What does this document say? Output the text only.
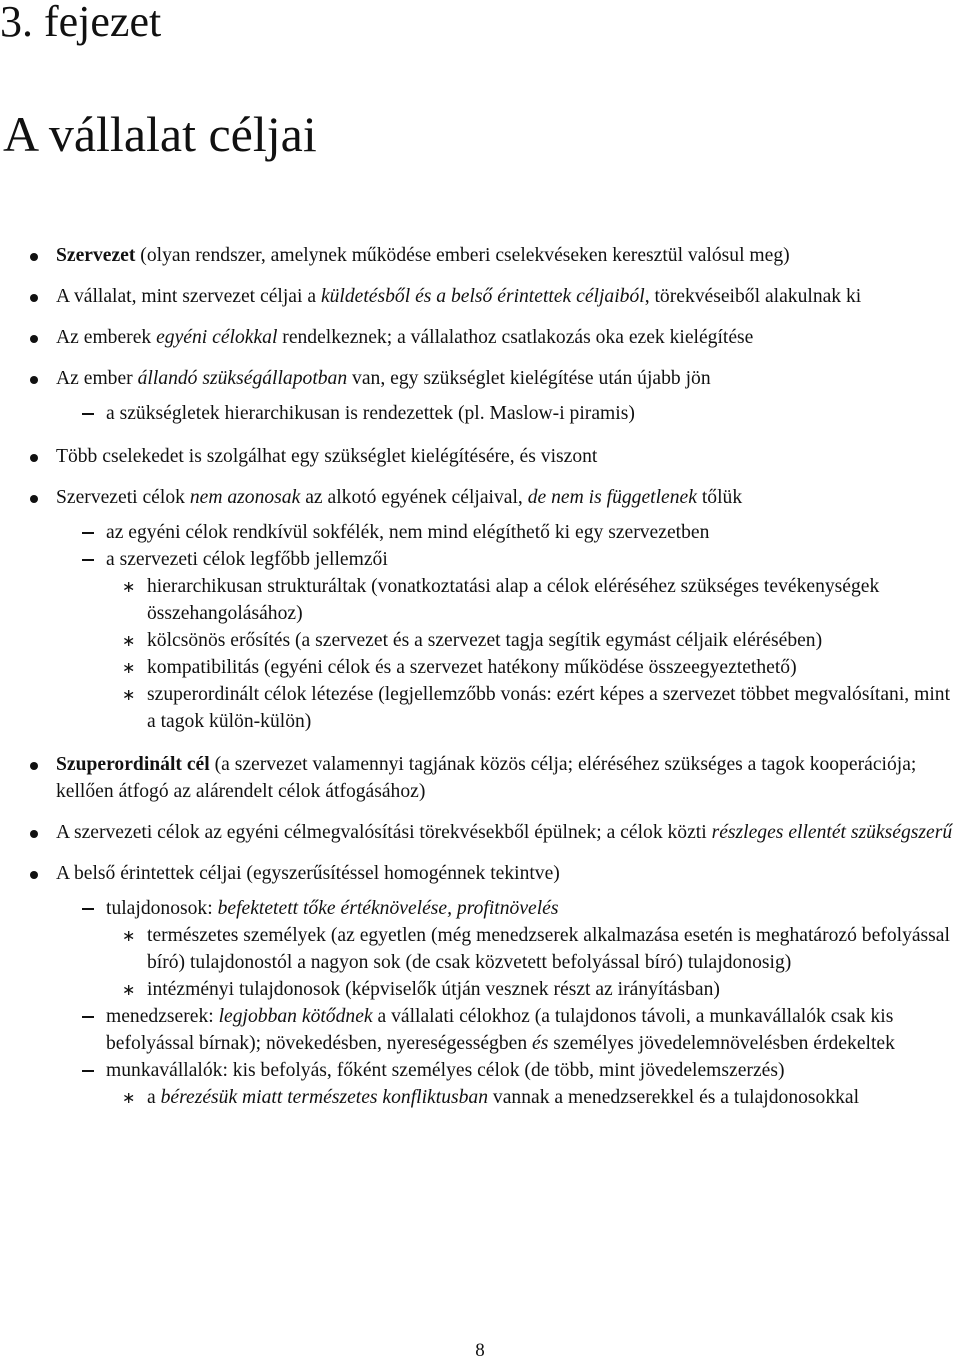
3. fejezet
A vállalat céljai
Szervezet (olyan rendszer, amelynek működése emberi cselekvéseken keresztül valósul meg)
A vállalat, mint szervezet céljai a küldetésből és a belső érintettek céljaiból, törekvéseiből alakulnak ki
Az emberek egyéni célokkal rendelkeznek; a vállalathoz csatlakozás oka ezek kielégítése
Az ember állandó szükségállapotban van, egy szükséglet kielégítése után újabb jön
a szükségletek hierarchikusan is rendezettek (pl. Maslow-i piramis)
Több cselekedet is szolgálhat egy szükséglet kielégítésére, és viszont
Szervezeti célok nem azonosak az alkotó egyének céljaival, de nem is függetlenek tőlük
az egyéni célok rendkívül sokfélék, nem mind elégíthető ki egy szervezetben
a szervezeti célok legfőbb jellemzői
∗ hierarchikusan strukturáltak (vonatkoztatási alap a célok eléréséhez szükséges tevékenységek összehangolásához)
∗ kölcsönös erősítés (a szervezet és a szervezet tagja segítik egymást céljaik elérésében)
∗ kompatibilitás (egyéni célok és a szervezet hatékony működése összeegyeztethető)
∗ szuperordinált célok létezése (legjellemzőbb vonás: ezért képes a szervezet többet megvalósítani, mint a tagok külön-külön)
Szuperordinált cél (a szervezet valamennyi tagjának közös célja; eléréséhez szükséges a tagok kooperációja; kellően átfogó az alárendelt célok átfogásához)
A szervezeti célok az egyéni célmegvalósítási törekvésekből épülnek; a célok közti részleges ellentét szükségszerű
A belső érintettek céljai (egyszerűsítéssel homogénnek tekintve)
tulajdonosok: befektetett tőke értéknövelése, profitnövelés
∗ természetes személyek (az egyetlen (még menedzserek alkalmazása esetén is meghatározó befolyással bíró) tulajdonostól a nagyon sok (de csak közvetett befolyással bíró) tulajdonosig)
∗ intézményi tulajdonosok (képviselők útján vesznek részt az irányításban)
menedzserek: legjobban kötődnek a vállalati célokhoz (a tulajdonos távoli, a munkavállalók csak kis befolyással bírnak); növekedésben, nyereségességben és személyes jövedelemnövelésben érdekeltek
munkavállalók: kis befolyás, főként személyes célok (de több, mint jövedelemszerzés)
∗ a bérezésük miatt természetes konfliktusban vannak a menedzserekkel és a tulajdonosokkal
8
